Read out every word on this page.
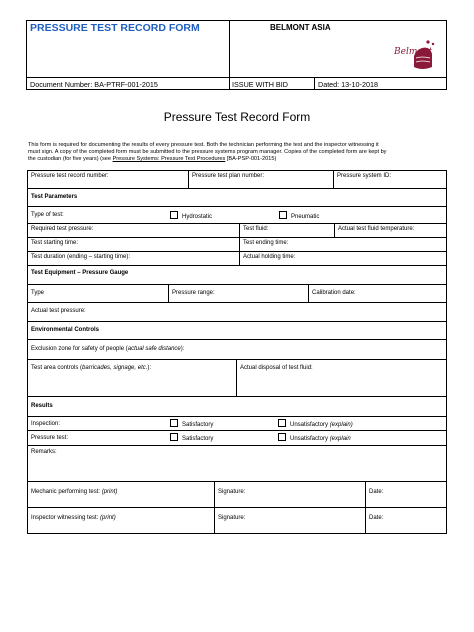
PRESSURE TEST RECORD FORM	BELMONT ASIA
Belmont
Document Number: BA-PTRF-001-2015	ISSUE WITH BID	Dated: 13-10-2018
Pressure Test Record Form
This form is required for documenting the results of every pressure test. Both the technician performing the test and the inspector witnessing it
must sign. A copy of the completed form must be submitted to the pressure systems program manager. Copies of the completed form are kept by
the custodian (for five years) (see Pressure Systems: Pressure Test Procedures [BA-PSP-001-2015)
Pressure test record number:	Pressure test plan number:	Pressure system ID:
Test Parameters
Type of test:	Hydrostatic	Pneumatic
Required test pressure:	Test fluid:	Actual test fluid temperature:
Test starting time:	Test ending time:
Test duration (ending – starting time):	Actual holding time:
Test Equipment – Pressure Gauge
Type	Pressure range:	Calibration date:
Actual test pressure:
Environmental Controls
Exclusion zone for safety of people (actual safe distance):
Test area controls (barricades, signage, etc.):	Actual disposal of test fluid:
Results
Inspection:	Satisfactory	Unsatisfactory (explain)
Pressure test:	Satisfactory	Unsatisfactory (explain
Remarks:
Mechanic performing test: (print)	Signature:	Date:
Inspector witnessing test: (print)	Signature:	Date:
